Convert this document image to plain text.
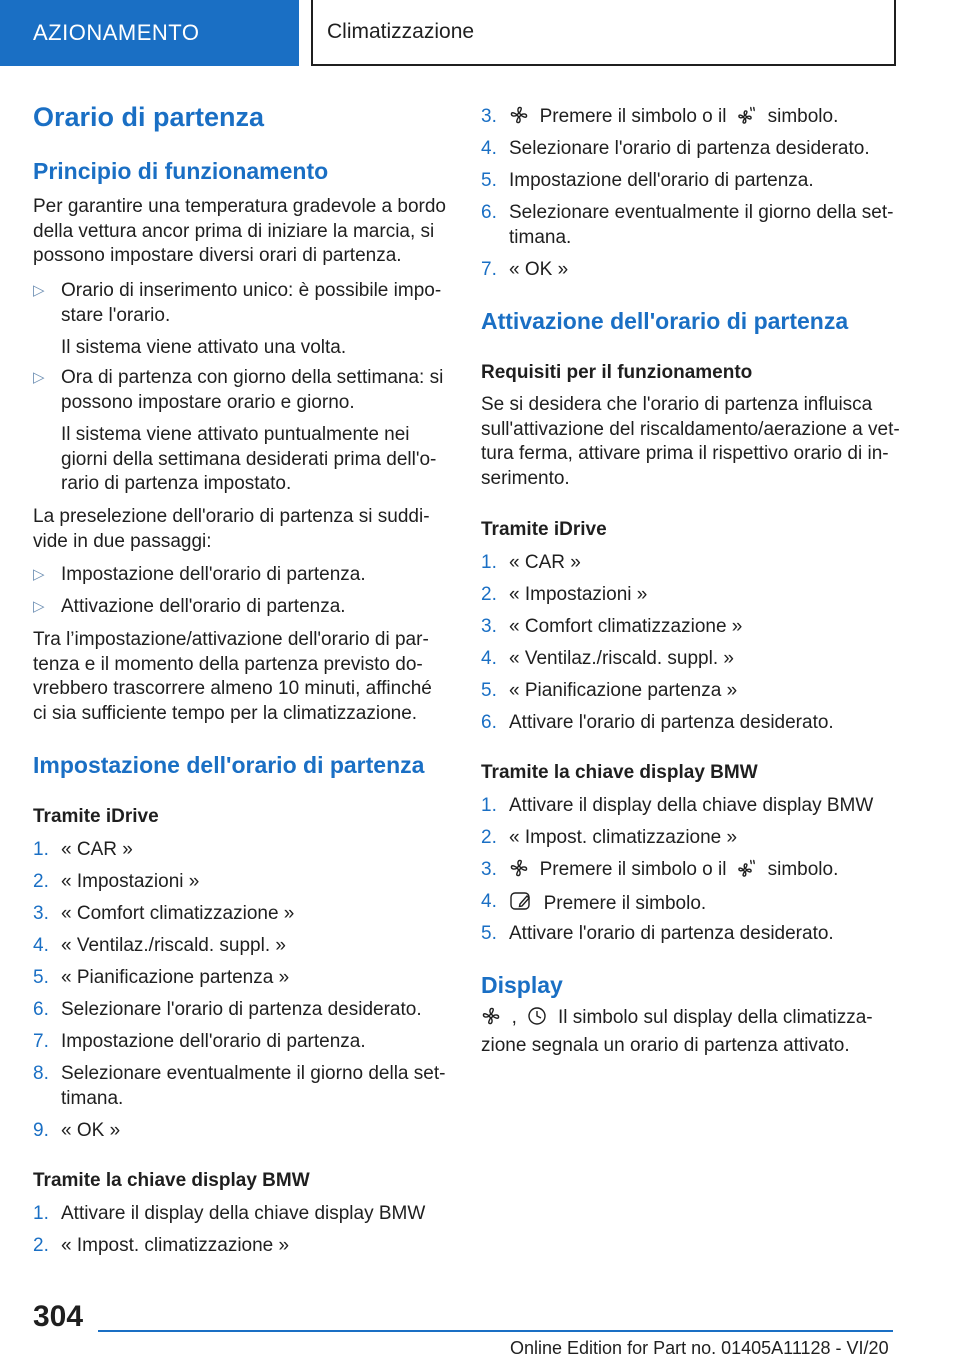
AZIONAMENTO	Climatizzazione
Orario di partenza
Principio di funzionamento

Per garantire una temperatura gradevole a bordo
della vettura ancor prima di iniziare la marcia, si
possono impostare diversi orari di partenza.

▷ Orario di inserimento unico: è possibile impo-
stare l'orario.
Il sistema viene attivato una volta.
▷ Ora di partenza con giorno della settimana: si
possono impostare orario e giorno.
Il sistema viene attivato puntualmente nei
giorni della settimana desiderati prima dell'o-
rario di partenza impostato.

La preselezione dell'orario di partenza si suddi-
vide in due passaggi:

▷ Impostazione dell'orario di partenza.
▷ Attivazione dell'orario di partenza.

Tra l’impostazione/attivazione dell'orario di par-
tenza e il momento della partenza previsto do-
vrebbero trascorrere almeno 10 minuti, affinché
ci sia sufficiente tempo per la climatizzazione.

Impostazione dell'orario di partenza
Tramite iDrive
1. « CAR »
2. « Impostazioni »
3. « Comfort climatizzazione »
4. « Ventilaz./riscald. suppl. »
5. « Pianificazione partenza »
6. Selezionare l'orario di partenza desiderato.
7. Impostazione dell'orario di partenza.
8. Selezionare eventualmente il giorno della set-
timana.
9. « OK »
Tramite la chiave display BMW
1. Attivare il display della chiave display BMW
2. « Impost. climatizzazione »
3.	Premere il simbolo o il simbolo.
4. Selezionare l'orario di partenza desiderato.
5. Impostazione dell'orario di partenza.
6. Selezionare eventualmente il giorno della set-
timana.
7. « OK »
Attivazione dell'orario di partenza
Requisiti per il funzionamento

Se si desidera che l'orario di partenza influisca
sull'attivazione del riscaldamento/aerazione a vet-
tura ferma, attivare prima il rispettivo orario di in-
serimento.

Tramite iDrive
1. « CAR »
2. « Impostazioni »
3. « Comfort climatizzazione »
4. « Ventilaz./riscald. suppl. »
5. « Pianificazione partenza »
6. Attivare l'orario di partenza desiderato.
Tramite la chiave display BMW
1. Attivare il display della chiave display BMW
2. « Impost. climatizzazione »
3.	Premere il simbolo o il simbolo.
4.	Premere il simbolo.
5. Attivare l'orario di partenza desiderato.
Display

, Il simbolo sul display della climatizza-
zione segnala un orario di partenza attivato.

304
Online Edition for Part no. 01405A11128 - VI/20
